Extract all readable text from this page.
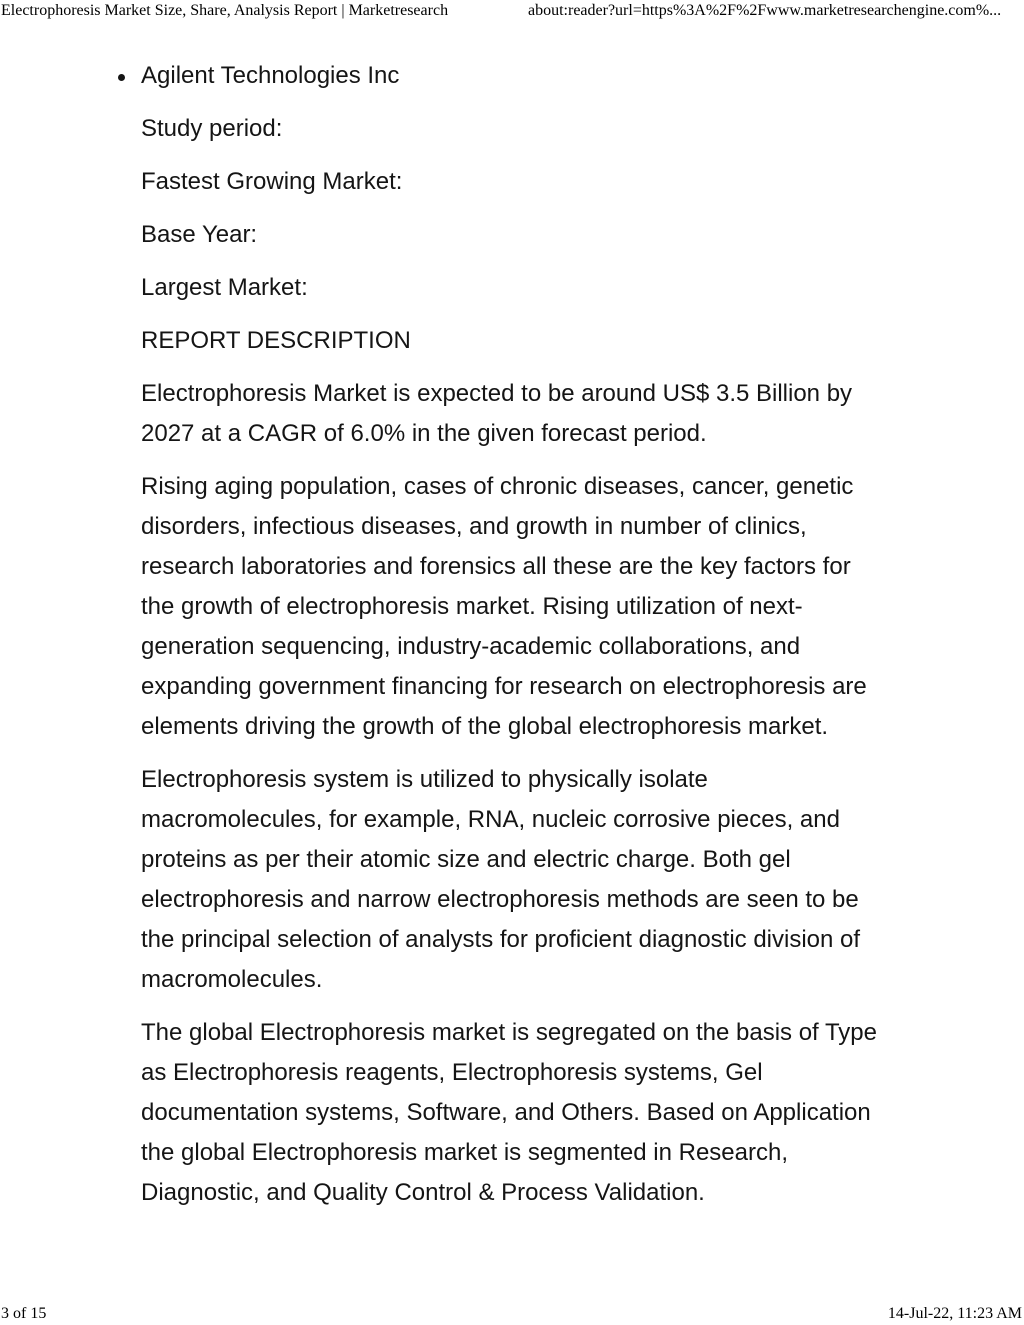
Electrophoresis Market Size, Share, Analysis Report | Marketresearch	about:reader?url=https%3A%2F%2Fwww.marketresearchengine.com%...
Agilent Technologies Inc

Study period:

Fastest Growing Market:

Base Year:

Largest Market:

REPORT DESCRIPTION

Electrophoresis Market is expected to be around US$ 3.5 Billion by 2027 at a CAGR of 6.0% in the given forecast period.

Rising aging population, cases of chronic diseases, cancer, genetic disorders, infectious diseases, and growth in number of clinics, research laboratories and forensics all these are the key factors for the growth of electrophoresis market. Rising utilization of next-generation sequencing, industry-academic collaborations, and expanding government financing for research on electrophoresis are elements driving the growth of the global electrophoresis market.

Electrophoresis system is utilized to physically isolate macromolecules, for example, RNA, nucleic corrosive pieces, and proteins as per their atomic size and electric charge. Both gel electrophoresis and narrow electrophoresis methods are seen to be the principal selection of analysts for proficient diagnostic division of macromolecules.

The global Electrophoresis market is segregated on the basis of Type as Electrophoresis reagents, Electrophoresis systems, Gel documentation systems, Software, and Others. Based on Application the global Electrophoresis market is segmented in Research, Diagnostic, and Quality Control & Process Validation.

3 of 15	14-Jul-22, 11:23 AM
